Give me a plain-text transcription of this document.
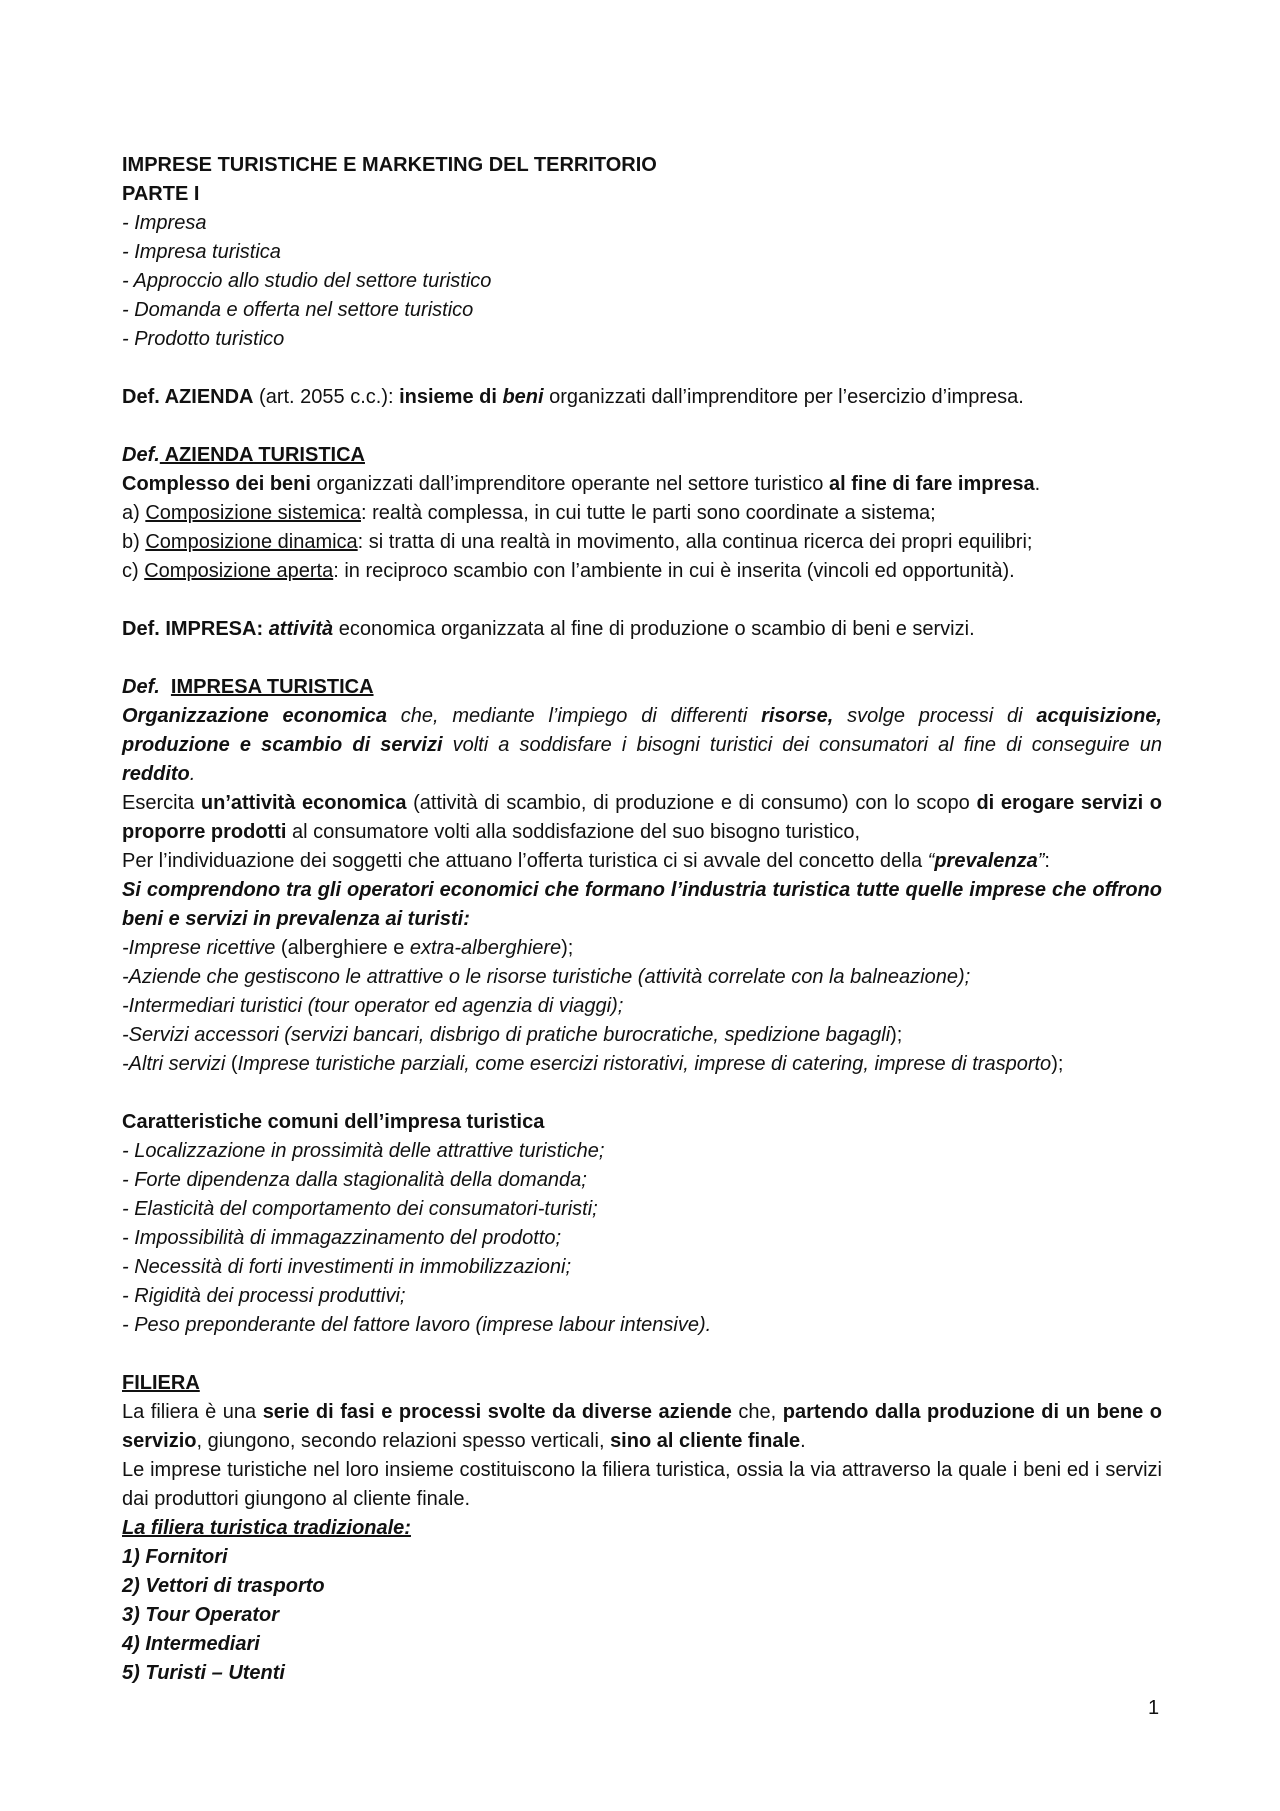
IMPRESE TURISTICHE E MARKETING DEL TERRITORIO

PARTE I

- Impresa

- Impresa turistica

- Approccio allo studio del settore turistico

- Domanda e offerta nel settore turistico

- Prodotto turistico

Def. AZIENDA (art. 2055 c.c.): insieme di beni organizzati dall’imprenditore per l’esercizio d’impresa.

Def. AZIENDA TURISTICA

Complesso dei beni organizzati dall’imprenditore operante nel settore turistico al fine di fare impresa.

a) Composizione sistemica: realtà complessa, in cui tutte le parti sono coordinate a sistema;

b) Composizione dinamica: si tratta di una realtà in movimento, alla continua ricerca dei propri equilibri;

c) Composizione aperta: in reciproco scambio con l’ambiente in cui è inserita (vincoli ed opportunità).

Def. IMPRESA: attività economica organizzata al fine di produzione o scambio di beni e servizi.

Def. IMPRESA TURISTICA

Organizzazione economica che, mediante l’impiego di differenti risorse, svolge processi di acquisizione, produzione e scambio di servizi volti a soddisfare i bisogni turistici dei consumatori al fine di conseguire un reddito.

Esercita un’attività economica (attività di scambio, di produzione e di consumo) con lo scopo di erogare servizi o proporre prodotti al consumatore volti alla soddisfazione del suo bisogno turistico,

Per l’individuazione dei soggetti che attuano l’offerta turistica ci si avvale del concetto della “prevalenza”:

Si comprendono tra gli operatori economici che formano l’industria turistica tutte quelle imprese che offrono beni e servizi in prevalenza ai turisti:

-Imprese ricettive (alberghiere e extra-alberghiere);

-Aziende che gestiscono le attrattive o le risorse turistiche (attività correlate con la balneazione);

-Intermediari turistici (tour operator ed agenzia di viaggi);

-Servizi accessori (servizi bancari, disbrigo di pratiche burocratiche, spedizione bagagli);

-Altri servizi (Imprese turistiche parziali, come esercizi ristorativi, imprese di catering, imprese di trasporto);

Caratteristiche comuni dell’impresa turistica

- Localizzazione in prossimità delle attrattive turistiche;

- Forte dipendenza dalla stagionalità della domanda;

- Elasticità del comportamento dei consumatori-turisti;

- Impossibilità di immagazzinamento del prodotto;

- Necessità di forti investimenti in immobilizzazioni;

- Rigidità dei processi produttivi;

- Peso preponderante del fattore lavoro (imprese labour intensive).

FILIERA

La filiera è una serie di fasi e processi svolte da diverse aziende che, partendo dalla produzione di un bene o servizio, giungono, secondo relazioni spesso verticali, sino al cliente finale.

Le imprese turistiche nel loro insieme costituiscono la filiera turistica, ossia la via attraverso la quale i beni ed i servizi dai produttori giungono al cliente finale.

La filiera turistica tradizionale:

1) Fornitori

2) Vettori di trasporto

3) Tour Operator

4) Intermediari

5) Turisti – Utenti

1
